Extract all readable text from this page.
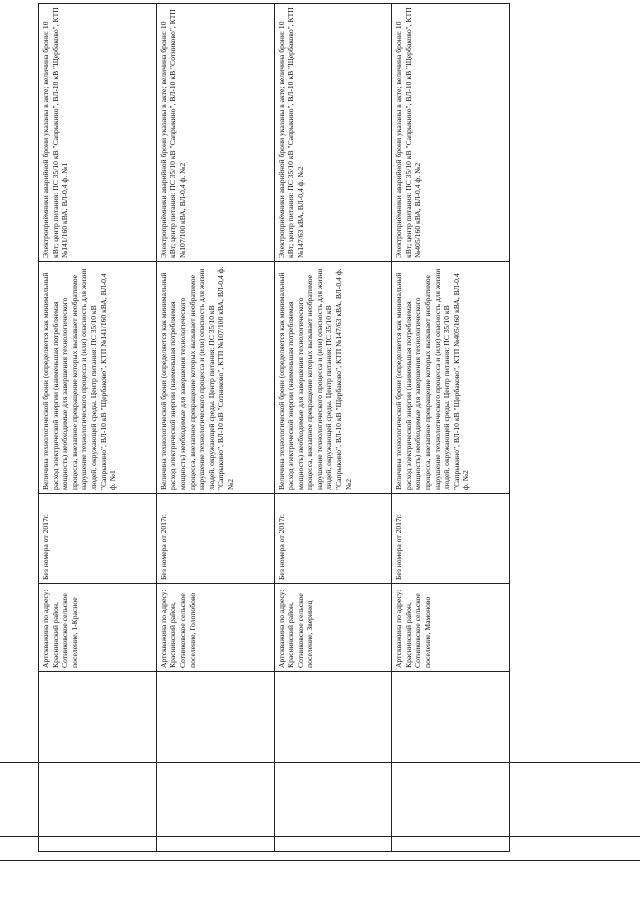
	Артскважина по адресу: Краснинский район, Сотниковское сельское поселение, 1-Красное	Без номера от 2017г.	Величина технологической брони (определяется как минимальный расход электрической энергии (наименьшая потребляемая мощность) необходимые для завершения технологического процесса, внезапное прекращение которых вызывает необратимое нарушение технологического процесса и (или) опасность для жизни людей, окружающей среды. Центр питания: ПС 35/10 кВ "Сапрыкино", ВЛ-10 кВ "Щербаково", КТП №141/160 кВА, ВЛ-0,4 ф. №1	Электроприёмники аварийной брони указаны в акте; величина брони: 10 кВт; центр питания: ПС 35/10 кВ "Сапрыкино", ВЛ-10 кВ "Щербаково", КТП №141/160 кВА, ВЛ-0,4 ф. №1
	Артскважина по адресу: Краснинский район, Сотниковское сельское поселение, Голопобово	Без номера от 2017г.	Величина технологической брони (определяется как минимальный расход электрической энергии (наименьшая потребляемая мощность) необходимые для завершения технологического процесса, внезапное прекращение которых вызывает необратимое нарушение технологического процесса и (или) опасность для жизни людей, окружающей среды. Центр питания: ПС 35/10 кВ "Сапрыкино", ВЛ-10 кВ "Сотниково", КТП №107/100 кВА, ВЛ-0,4 ф. №2	Электроприёмники аварийной брони указаны в акте; величина брони: 10 кВт; центр питания: ПС 35/10 кВ "Сапрыкино", ВЛ-10 кВ "Сотниково", КТП №107/100 кВА, ВЛ-0,4 ф. №2
	Артскважина по адресу: Краснинский район, Сотниковское сельское поселение, Зверинец	Без номера от 2017г.	Величина технологической брони (определяется как минимальный расход электрической энергии (наименьшая потребляемая мощность) необходимые для завершения технологического процесса, внезапное прекращение которых вызывает необратимое нарушение технологического процесса и (или) опасность для жизни людей, окружающей среды. Центр питания: ПС 35/10 кВ "Сапрыкино", ВЛ-10 кВ "Щербаково", КТП №147/63 кВА, ВЛ-0,4 ф. №2	Электроприёмники аварийной брони указаны в акте; величина брони: 10 кВт; центр питания: ПС 35/10 кВ "Сапрыкино", ВЛ-10 кВ "Щербаково", КТП №147/63 кВА, ВЛ-0,4 ф. №2
	Артскважина по адресу: Краснинский район, Сотниковское сельское поселение, Мамоново	Без номера от 2017г.	Величина технологической брони (определяется как минимальный расход электрической энергии (наименьшая потребляемая мощность) необходимые для завершения технологического процесса, внезапное прекращение которых вызывает необратимое нарушение технологического процесса и (или) опасность для жизни людей, окружающей среды. Центр питания: ПС 35/10 кВ "Сапрыкино", ВЛ-10 кВ "Щербаково", КТП №405/160 кВА, ВЛ-0,4 ф. №2	Электроприёмники аварийной брони указаны в акте; величина брони: 10 кВт; центр питания: ПС 35/10 кВ "Сапрыкино", ВЛ-10 кВ "Щербаково", КТП №405/160 кВА, ВЛ-0,4 ф. №2
